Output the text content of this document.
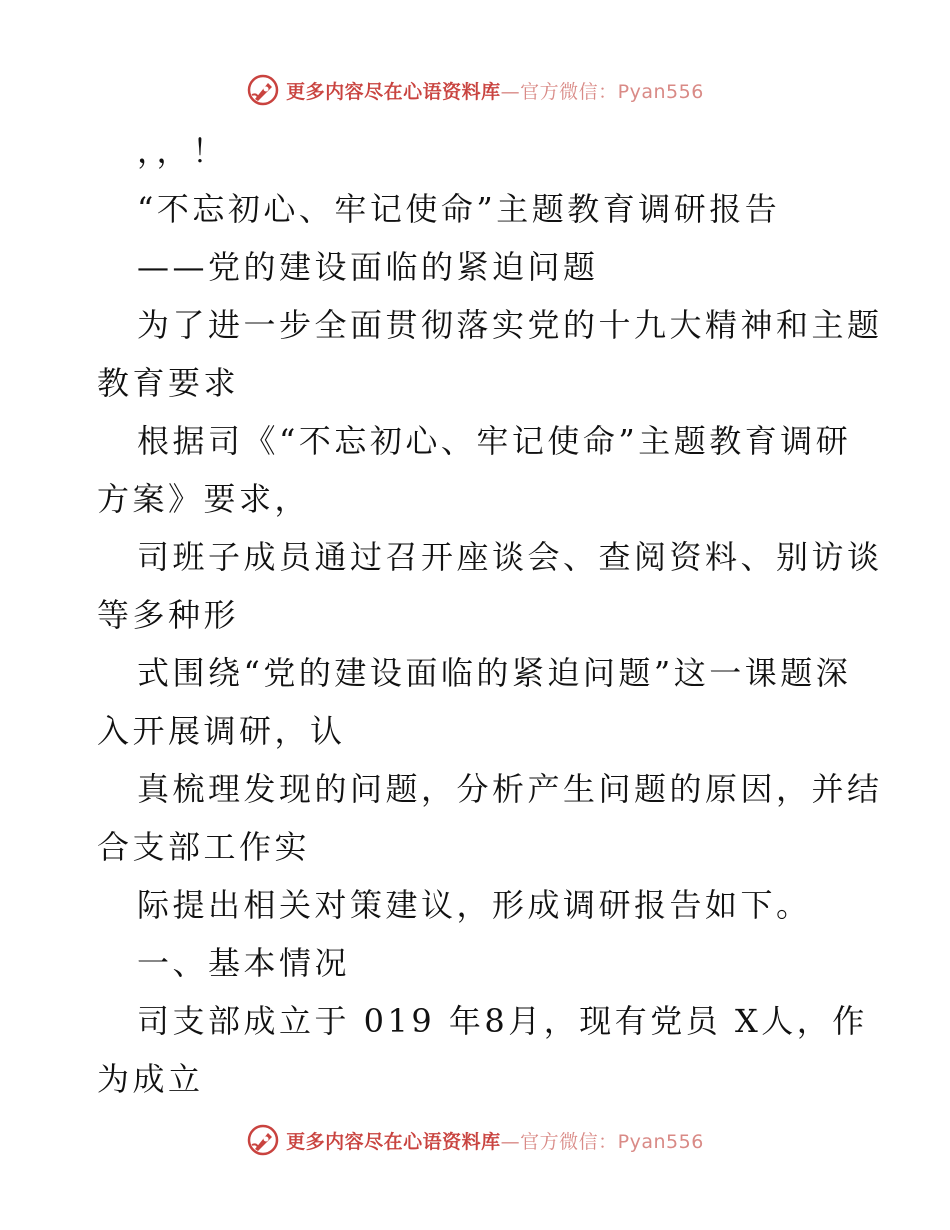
更多内容尽在心语资料库 — 官方微信：Pyan556
，，！
“不忘初心、牢记使命”主题教育调研报告
——党的建设面临的紧迫问题
为了进一步全面贯彻落实党的十九大精神和主题
教育要求
根据司《“不忘初心、牢记使命”主题教育调研
方案》要求，
司班子成员通过召开座谈会、查阅资料、别访谈
等多种形
式围绕“党的建设面临的紧迫问题”这一课题深
入开展调研，认
真梳理发现的问题，分析产生问题的原因，并结
合支部工作实
际提出相关对策建议，形成调研报告如下。
一、基本情况
司支部成立于 019 年8月，现有党员 X人，作
为成立
更多内容尽在心语资料库 — 官方微信：Pyan556
